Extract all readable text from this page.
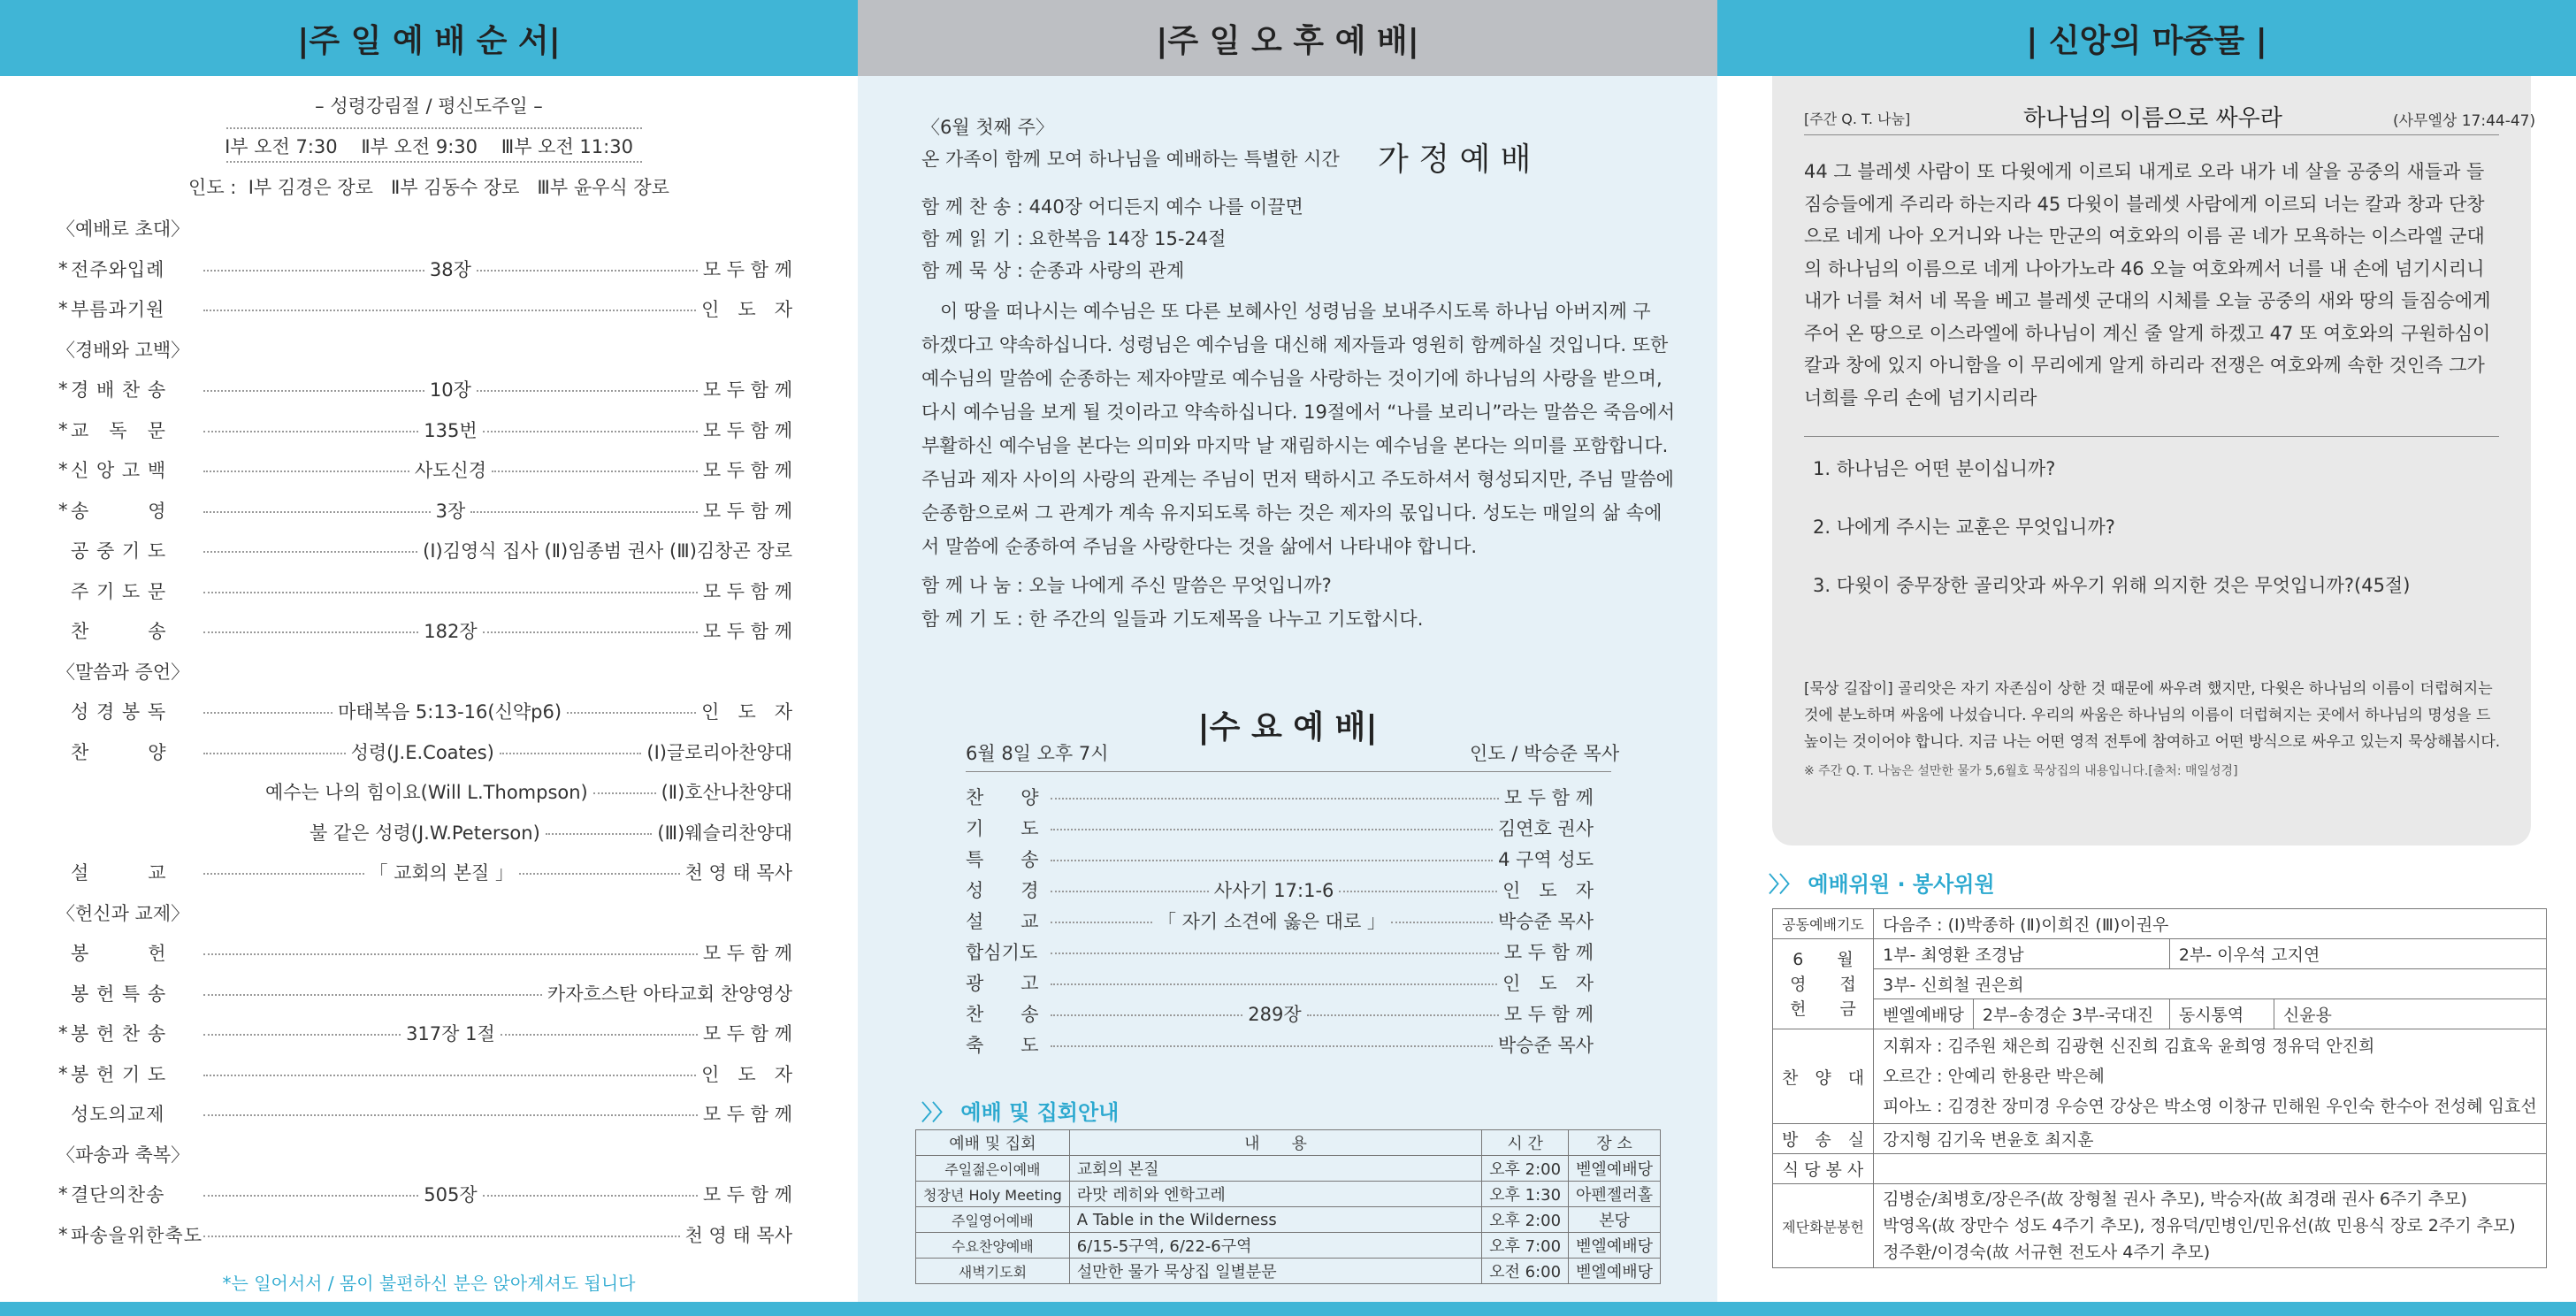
|주 일 예 배 순 서|
– 성령강림절 / 평신도주일 –
Ⅰ부 오전 7:30    Ⅱ부 오전 9:30    Ⅲ부 오전 11:30
인도 :  Ⅰ부 김경은 장로   Ⅱ부 김동수 장로   Ⅲ부 윤우식 장로
〈예배로 초대〉
* 전주와입례	38장	모 두 함 께
* 부름과기원	인　도　자
〈경배와 고백〉
* 경 배 찬 송	10장	모 두 함 께
* 교　독　문	135번	모 두 함 께
* 신 앙 고 백	사도신경	모 두 함 께
* 송　　　영	3장	모 두 함 께
공 중 기 도	(Ⅰ)김영식 집사 (Ⅱ)임종범 권사 (Ⅲ)김창곤 장로
주 기 도 문	모 두 함 께
찬　　　송	182장	모 두 함 께
〈말씀과 증언〉
성 경 봉 독	마태복음 5:13-16(신약p6)	인　도　자
찬　　　양	성령(J.E.Coates)	(Ⅰ)글로리아찬양대
예수는 나의 힘이요(Will L.Thompson)	(Ⅱ)호산나찬양대
불 같은 성령(J.W.Peterson)	(Ⅲ)웨슬리찬양대
설　　　교	「 교회의 본질 」	천 영 태 목사
〈헌신과 교제〉
봉　　　헌	모 두 함 께
봉 헌 특 송	카자흐스탄 아타교회 찬양영상
* 봉 헌 찬 송	317장 1절	모 두 함 께
* 봉 헌 기 도	인　도　자
성도의교제	모 두 함 께
〈파송과 축복〉
* 결단의찬송	505장	모 두 함 께
* 파송을위한축도	천 영 태 목사
*는 일어서서 / 몸이 불편하신 분은 앉아계셔도 됩니다
|주 일 오 후 예 배|
〈6월 첫째 주〉
온 가족이 함께 모여 하나님을 예배하는 특별한 시간 가 정 예 배
함 께 찬 송 : 440장 어디든지 예수 나를 이끌면
함 께 읽 기 : 요한복음 14장 15-24절
함 께 묵 상 : 순종과 사랑의 관계
　이 땅을 떠나시는 예수님은 또 다른 보혜사인 성령님을 보내주시도록 하나님 아버지께 구
하겠다고 약속하십니다. 성령님은 예수님을 대신해 제자들과 영원히 함께하실 것입니다. 또한
예수님의 말씀에 순종하는 제자야말로 예수님을 사랑하는 것이기에 하나님의 사랑을 받으며,
다시 예수님을 보게 될 것이라고 약속하십니다. 19절에서 “나를 보리니”라는 말씀은 죽음에서
부활하신 예수님을 본다는 의미와 마지막 날 재림하시는 예수님을 본다는 의미를 포함합니다.
주님과 제자 사이의 사랑의 관계는 주님이 먼저 택하시고 주도하셔서 형성되지만, 주님 말씀에
순종함으로써 그 관계가 계속 유지되도록 하는 것은 제자의 몫입니다. 성도는 매일의 삶 속에
서 말씀에 순종하여 주님을 사랑한다는 것을 삶에서 나타내야 합니다.
함 께 나 눔 : 오늘 나에게 주신 말씀은 무엇입니까?
함 께 기 도 : 한 주간의 일들과 기도제목을 나누고 기도합시다.
|수 요 예 배|
6월 8일 오후 7시	인도 / 박승준 목사
찬　　양	모 두 함 께
기　　도	김연호 권사
특　　송	4 구역 성도
성　　경	사사기 17:1-6	인　도　자
설　　교	「 자기 소견에 옳은 대로 」	박승준 목사
합심기도	모 두 함 께
광　　고	인　도　자
찬　　송	289장	모 두 함 께
축　　도	박승준 목사
〉〉 예배 및 집회안내
예배 및 집회	내　　용	시 간	장 소
주일젊은이예배	교회의 본질	오후 2:00	벧엘예배당
청장년 Holy Meeting	라맛 레히와 엔학고레	오후 1:30	아펜젤러홀
주일영어예배	A Table in the Wilderness	오후 2:00	본당
수요찬양예배	6/15-5구역, 6/22-6구역	오후 7:00	벧엘예배당
새벽기도회	설만한 물가 묵상집 일별분문	오전 6:00	벧엘예배당
| 신앙의 마중물 |
[주간 Q. T. 나눔]	하나님의 이름으로 싸우라	(사무엘상 17:44-47)
44 그 블레셋 사람이 또 다윗에게 이르되 내게로 오라 내가 네 살을 공중의 새들과 들
짐승들에게 주리라 하는지라 45 다윗이 블레셋 사람에게 이르되 너는 칼과 창과 단창
으로 네게 나아 오거니와 나는 만군의 여호와의 이름 곧 네가 모욕하는 이스라엘 군대
의 하나님의 이름으로 네게 나아가노라 46 오늘 여호와께서 너를 내 손에 넘기시리니
내가 너를 쳐서 네 목을 베고 블레셋 군대의 시체를 오늘 공중의 새와 땅의 들짐승에게
주어 온 땅으로 이스라엘에 하나님이 계신 줄 알게 하겠고 47 또 여호와의 구원하심이
칼과 창에 있지 아니함을 이 무리에게 알게 하리라 전쟁은 여호와께 속한 것인즉 그가
너희를 우리 손에 넘기시리라
1. 하나님은 어떤 분이십니까?
2. 나에게 주시는 교훈은 무엇입니까?
3. 다윗이 중무장한 골리앗과 싸우기 위해 의지한 것은 무엇입니까?(45절)
[묵상 길잡이] 골리앗은 자기 자존심이 상한 것 때문에 싸우려 했지만, 다윗은 하나님의 이름이 더럽혀지는
것에 분노하며 싸움에 나섰습니다. 우리의 싸움은 하나님의 이름이 더럽혀지는 곳에서 하나님의 명성을 드
높이는 것이어야 합니다. 지금 나는 어떤 영적 전투에 참여하고 어떤 방식으로 싸우고 있는지 묵상해봅시다.
※ 주간 Q. T. 나눔은 설만한 물가 5,6월호 묵상집의 내용입니다.[출처: 매일성경]
〉〉 예배위원 · 봉사위원
공동예배기도	다음주 : (Ⅰ)박종하 (Ⅱ)이희진 (Ⅲ)이권우			
6　　월
영　　접
헌　　금	1부- 최영환 조경남		2부- 이우석 고지연	
	3부- 신희철 권은희			
	벧엘예배당	2부–송경순 3부-국대진	동시통역	신윤용
찬　양　대	지휘자 : 김주원 채은희 김광현 신진희 김효욱 윤희영 정유덕 안진희
오르간 : 안예리 한용란 박은혜
피아노 : 김경찬 장미경 우승연 강상은 박소영 이창규 민해원 우인숙 한수아 전성혜 임효선			

방　송　실	강지형 김기욱 변윤호 최지훈			
식 당 봉 사				
제단화분봉헌	김병순/최병호/장은주(故 장형철 권사 추모), 박승자(故 최경래 권사 6주기 추모)
박영옥(故 장만수 성도 4주기 추모), 정유덕/민병인/민유선(故 민용식 장로 2주기 추모)
정주환/이경숙(故 서규현 전도사 4주기 추모)			
